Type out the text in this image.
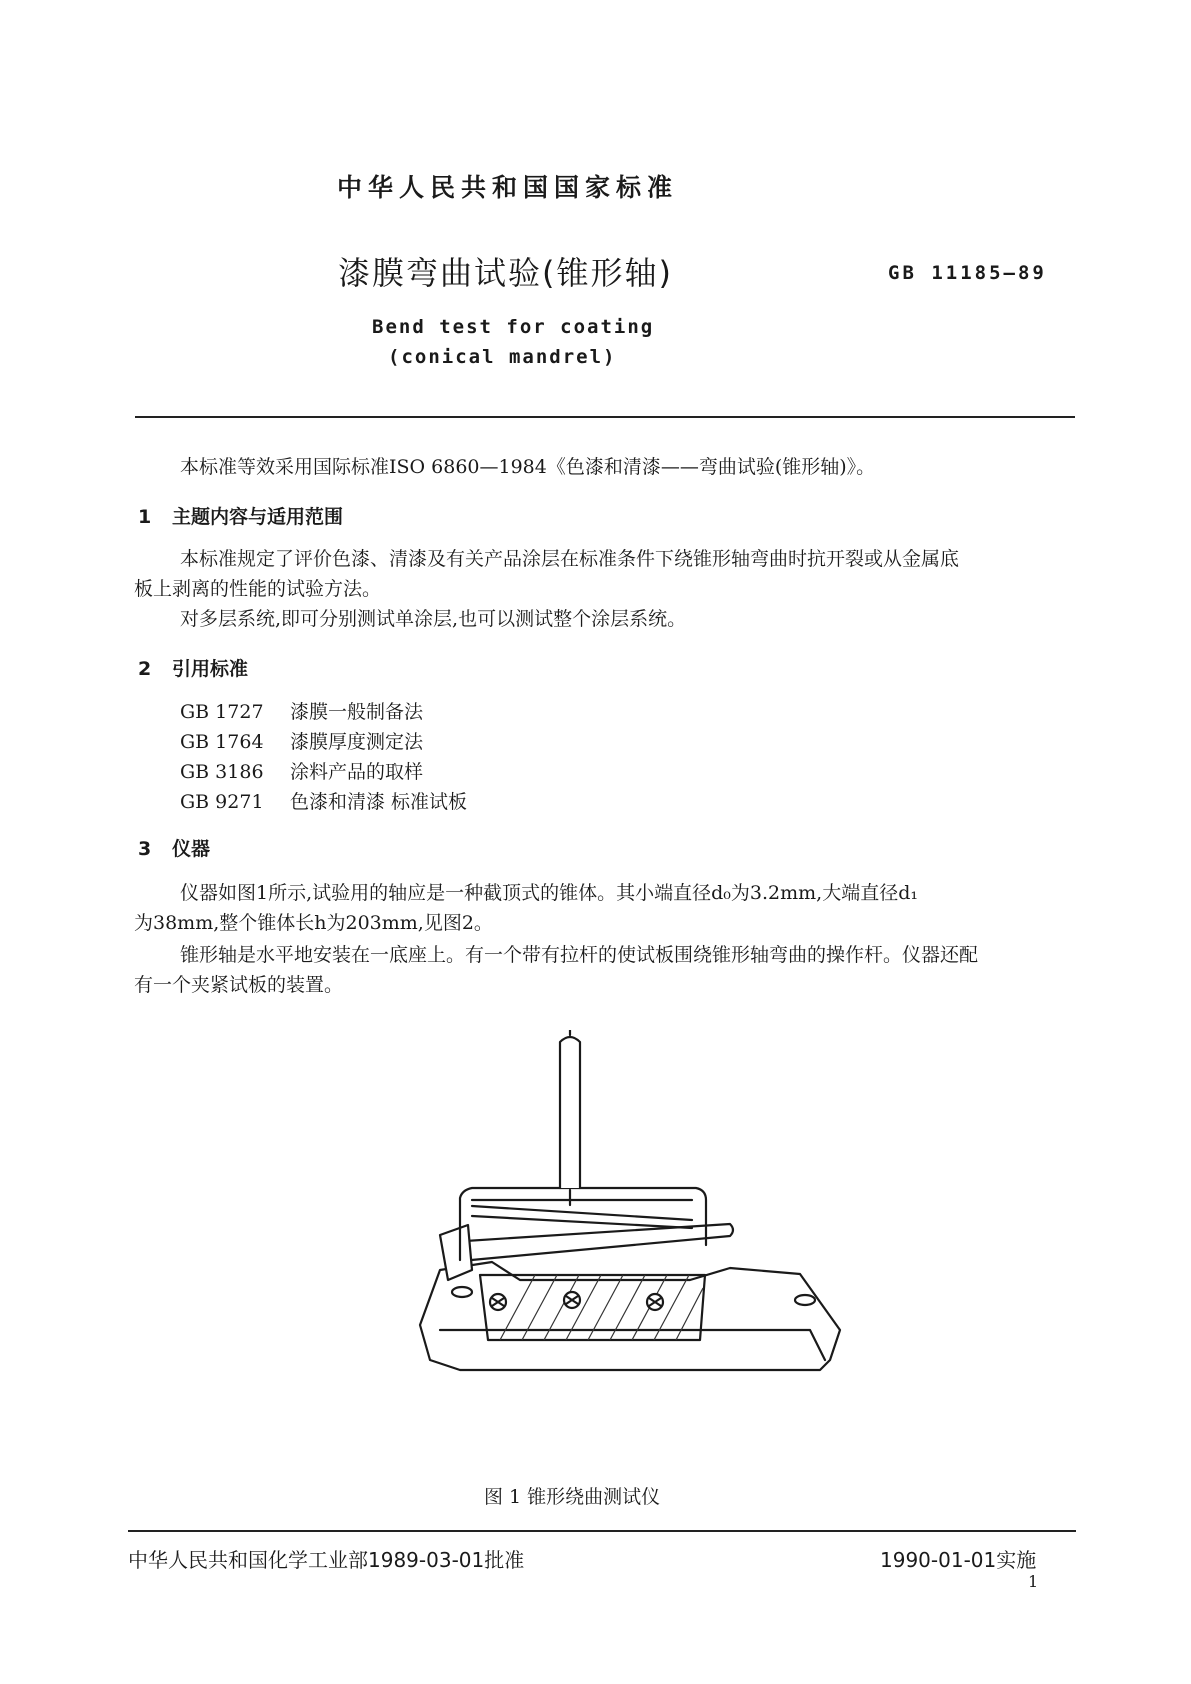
中华人民共和国国家标准
漆膜弯曲试验(锥形轴)	GB 11185—89
Bend test for coating
(conical mandrel)

本标准等效采用国际标准ISO 6860—1984《色漆和清漆——弯曲试验(锥形轴)》。

1 主题内容与适用范围

本标准规定了评价色漆、清漆及有关产品涂层在标准条件下绕锥形轴弯曲时抗开裂或从金属底

板上剥离的性能的试验方法。

对多层系统,即可分别测试单涂层,也可以测试整个涂层系统。

2 引用标准
GB 1727 漆膜一般制备法
GB 1764 漆膜厚度测定法
GB 3186 涂料产品的取样
GB 9271 色漆和清漆 标准试板
3 仪器

仪器如图1所示,试验用的轴应是一种截顶式的锥体。其小端直径d₀为3.2mm,大端直径d₁

为38mm,整个锥体长h为203mm,见图2。

锥形轴是水平地安装在一底座上。有一个带有拉杆的使试板围绕锥形轴弯曲的操作杆。仪器还配

有一个夹紧试板的装置。

图 1 锥形绕曲测试仪
中华人民共和国化学工业部1989-03-01批准	1990-01-01实施
1
